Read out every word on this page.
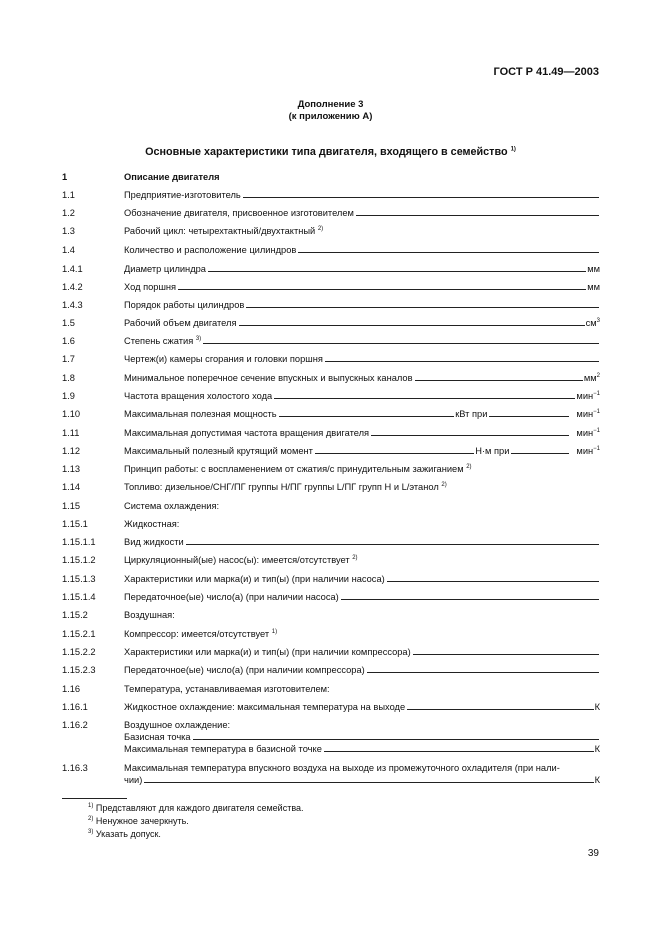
ГОСТ Р 41.49—2003
Дополнение 3
(к приложению А)
Основные характеристики типа двигателя, входящего в семейство $^{1)}$
1	Описание двигателя
1.1	Предприятие-изготовитель
1.2	Обозначение двигателя, присвоенное изготовителем
1.3	Рабочий цикл: четырехтактный/двухтактный $^{2)}$
1.4	Количество и расположение цилиндров
1.4.1	Диаметр цилиндра	мм
1.4.2	Ход поршня	мм
1.4.3	Порядок работы цилиндров
1.5	Рабочий объем двигателя	$см^3$
1.6	Степень сжатия $^{3)}$
1.7	Чертеж(и) камеры сгорания и головки поршня
1.8	Минимальное поперечное сечение впускных и выпускных каналов	$мм^2$
1.9	Частота вращения холостого хода	мин$^{-1}$
1.10	Максимальная полезная мощность	кВт при	мин$^{-1}$
1.11	Максимальная допустимая частота вращения двигателя	мин$^{-1}$
1.12	Максимальный полезный крутящий момент	Н·м при	мин$^{-1}$
1.13	Принцип работы: с воспламенением от сжатия/с принудительным зажиганием $^{2)}$
1.14	Топливо: дизельное/СНГ/ПГ группы Н/ПГ группы L/ПГ групп Н и L/этанол $^{2)}$
1.15	Система охлаждения:
1.15.1	Жидкостная:
1.15.1.1	Вид жидкости
1.15.1.2	Циркуляционный(ые) насос(ы): имеется/отсутствует $^{2)}$
1.15.1.3	Характеристики или марка(и) и тип(ы) (при наличии насоса)
1.15.1.4	Передаточное(ые) число(а) (при наличии насоса)
1.15.2	Воздушная:
1.15.2.1	Компрессор: имеется/отсутствует $^{1)}$
1.15.2.2	Характеристики или марка(и) и тип(ы) (при наличии компрессора)
1.15.2.3	Передаточное(ые) число(а) (при наличии компрессора)
1.16	Температура, устанавливаемая изготовителем:
1.16.1	Жидкостное охлаждение: максимальная температура на выходе	К
1.16.2	Воздушное охлаждение:
Базисная точка
Максимальная температура в базисной точке	К
1.16.3	Максимальная температура впускного воздуха на выходе из промежуточного охладителя (при нали-
чии)	К
$^{1)}$ Представляют для каждого двигателя семейства.
$^{2)}$ Ненужное зачеркнуть.
$^{3)}$ Указать допуск.
39
